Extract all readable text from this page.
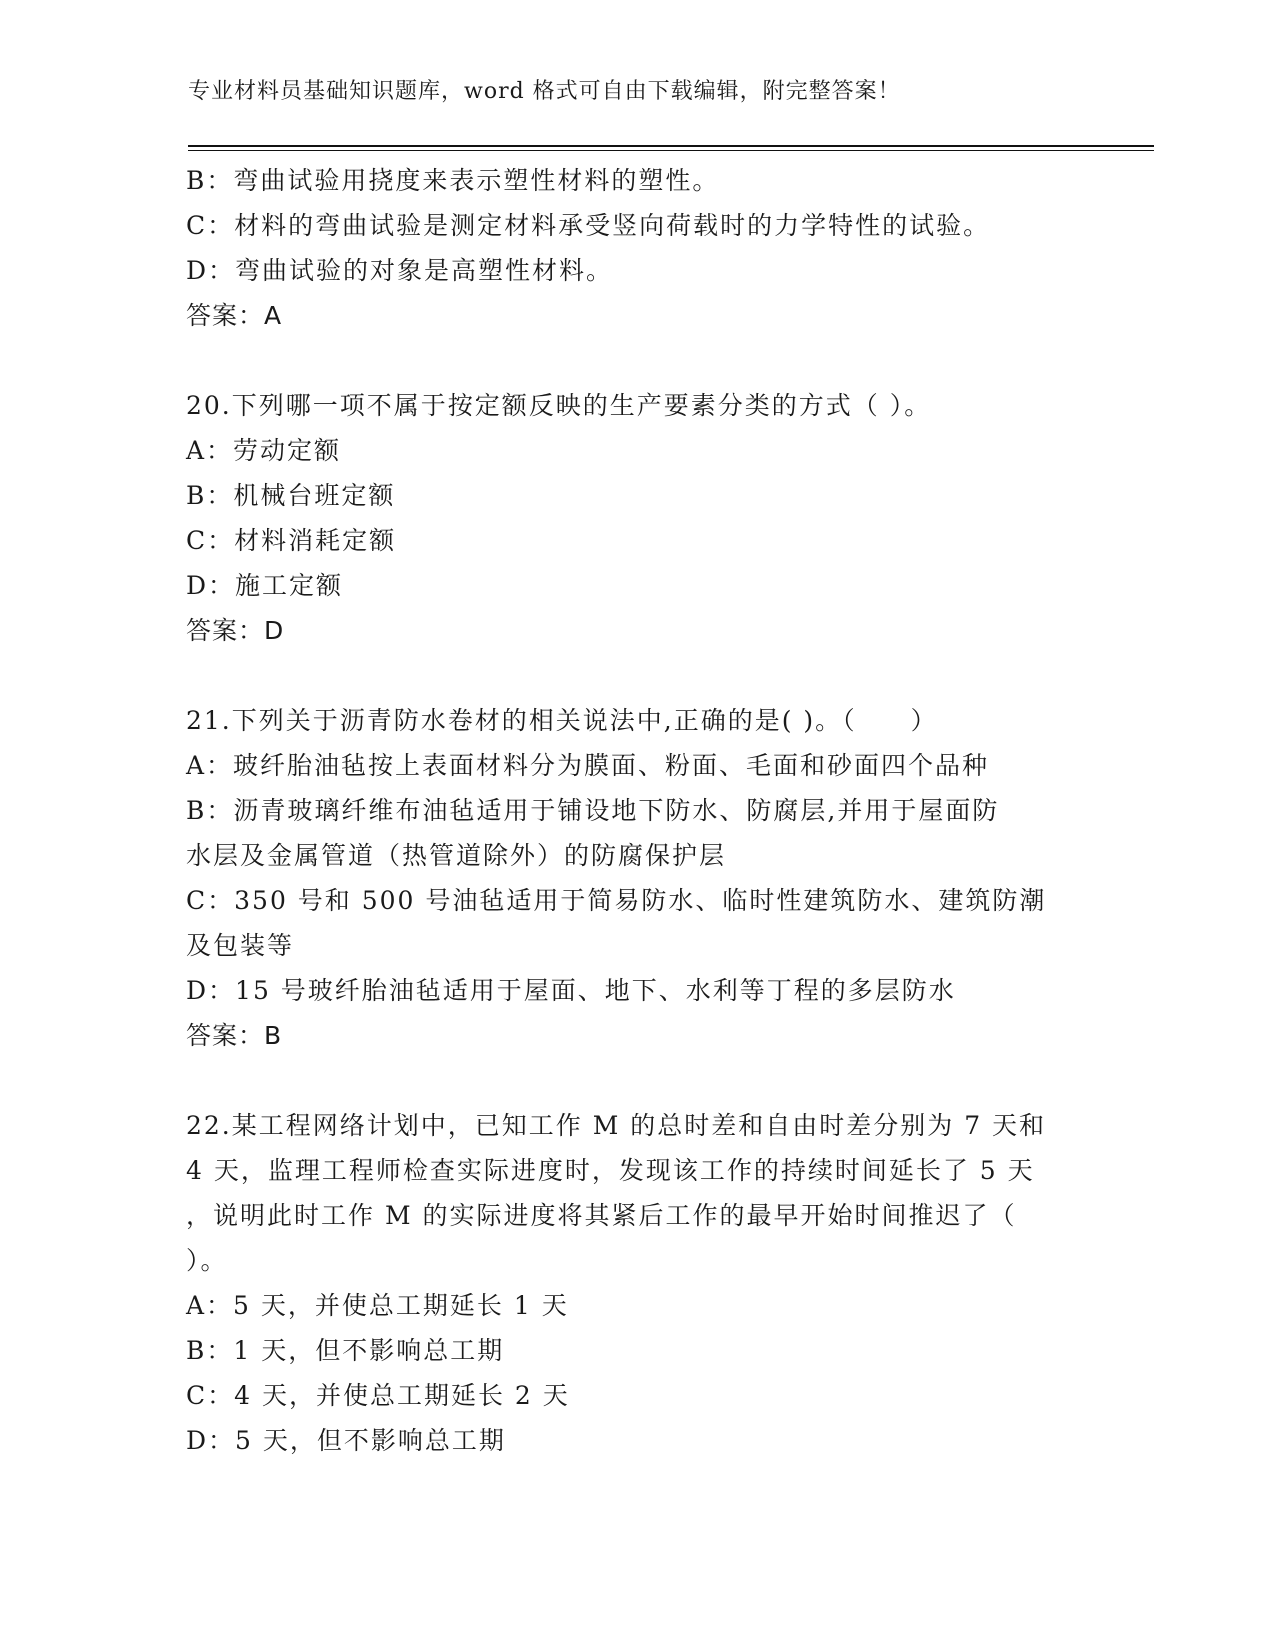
专业材料员基础知识题库，word 格式可自由下载编辑，附完整答案！
B：弯曲试验用挠度来表示塑性材料的塑性。
C：材料的弯曲试验是测定材料承受竖向荷载时的力学特性的试验。
D：弯曲试验的对象是高塑性材料。
答案：A
20.下列哪一项不属于按定额反映的生产要素分类的方式（ ）。
A：劳动定额
B：机械台班定额
C：材料消耗定额
D：施工定额
答案：D
21.下列关于沥青防水卷材的相关说法中,正确的是( )。（　　）
A：玻纤胎油毡按上表面材料分为膜面、粉面、毛面和砂面四个品种
B：沥青玻璃纤维布油毡适用于铺设地下防水、防腐层,并用于屋面防
水层及金属管道（热管道除外）的防腐保护层
C：350 号和 500 号油毡适用于简易防水、临时性建筑防水、建筑防潮
及包装等
D：15 号玻纤胎油毡适用于屋面、地下、水利等丁程的多层防水
答案：B
22.某工程网络计划中，已知工作 M 的总时差和自由时差分别为 7 天和
4 天，监理工程师检查实际进度时，发现该工作的持续时间延长了 5 天
，说明此时工作 M 的实际进度将其紧后工作的最早开始时间推迟了（
）。
A：5 天，并使总工期延长 1 天
B：1 天，但不影响总工期
C：4 天，并使总工期延长 2 天
D：5 天，但不影响总工期
